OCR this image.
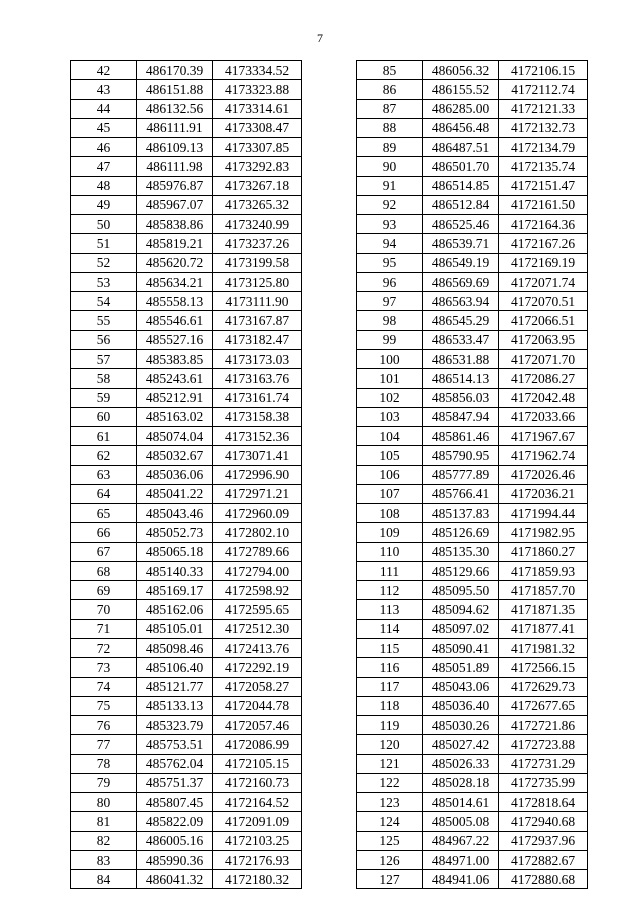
7
42	486170.39	4173334.52
43	486151.88	4173323.88
44	486132.56	4173314.61
45	486111.91	4173308.47
46	486109.13	4173307.85
47	486111.98	4173292.83
48	485976.87	4173267.18
49	485967.07	4173265.32
50	485838.86	4173240.99
51	485819.21	4173237.26
52	485620.72	4173199.58
53	485634.21	4173125.80
54	485558.13	4173111.90
55	485546.61	4173167.87
56	485527.16	4173182.47
57	485383.85	4173173.03
58	485243.61	4173163.76
59	485212.91	4173161.74
60	485163.02	4173158.38
61	485074.04	4173152.36
62	485032.67	4173071.41
63	485036.06	4172996.90
64	485041.22	4172971.21
65	485043.46	4172960.09
66	485052.73	4172802.10
67	485065.18	4172789.66
68	485140.33	4172794.00
69	485169.17	4172598.92
70	485162.06	4172595.65
71	485105.01	4172512.30
72	485098.46	4172413.76
73	485106.40	4172292.19
74	485121.77	4172058.27
75	485133.13	4172044.78
76	485323.79	4172057.46
77	485753.51	4172086.99
78	485762.04	4172105.15
79	485751.37	4172160.73
80	485807.45	4172164.52
81	485822.09	4172091.09
82	486005.16	4172103.25
83	485990.36	4172176.93
84	486041.32	4172180.32
85	486056.32	4172106.15
86	486155.52	4172112.74
87	486285.00	4172121.33
88	486456.48	4172132.73
89	486487.51	4172134.79
90	486501.70	4172135.74
91	486514.85	4172151.47
92	486512.84	4172161.50
93	486525.46	4172164.36
94	486539.71	4172167.26
95	486549.19	4172169.19
96	486569.69	4172071.74
97	486563.94	4172070.51
98	486545.29	4172066.51
99	486533.47	4172063.95
100	486531.88	4172071.70
101	486514.13	4172086.27
102	485856.03	4172042.48
103	485847.94	4172033.66
104	485861.46	4171967.67
105	485790.95	4171962.74
106	485777.89	4172026.46
107	485766.41	4172036.21
108	485137.83	4171994.44
109	485126.69	4171982.95
110	485135.30	4171860.27
111	485129.66	4171859.93
112	485095.50	4171857.70
113	485094.62	4171871.35
114	485097.02	4171877.41
115	485090.41	4171981.32
116	485051.89	4172566.15
117	485043.06	4172629.73
118	485036.40	4172677.65
119	485030.26	4172721.86
120	485027.42	4172723.88
121	485026.33	4172731.29
122	485028.18	4172735.99
123	485014.61	4172818.64
124	485005.08	4172940.68
125	484967.22	4172937.96
126	484971.00	4172882.67
127	484941.06	4172880.68
